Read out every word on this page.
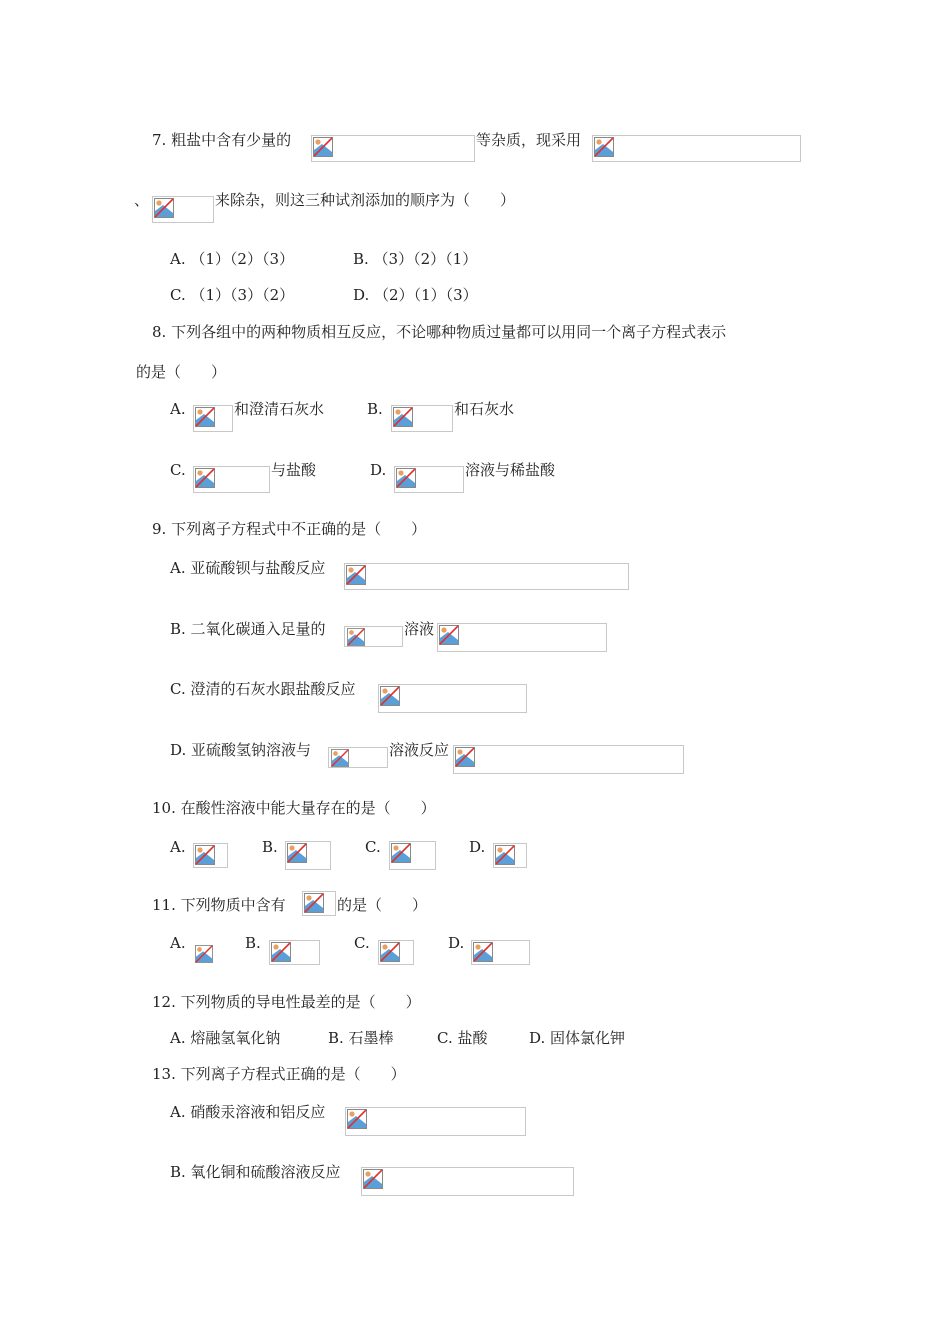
7. 粗盐中含有少量的	等杂质，现采用
、	来除杂，则这三种试剂添加的顺序为（　　）
A. （1）（2）（3）	B. （3）（2）（1）
C. （1）（3）（2）	D. （2）（1）（3）
8. 下列各组中的两种物质相互反应，不论哪种物质过量都可以用同一个离子方程式表示
的是（　　）
A.	和澄清石灰水	B.	和石灰水
C.	与盐酸	D.	溶液与稀盐酸
9. 下列离子方程式中不正确的是（　　）
A. 亚硫酸钡与盐酸反应
B. 二氧化碳通入足量的	溶液
C. 澄清的石灰水跟盐酸反应
D. 亚硫酸氢钠溶液与	溶液反应
10. 在酸性溶液中能大量存在的是（　　）
A.	B.	C.	D.
11. 下列物质中含有	的是（　　）
A.	B.	C.	D.
12. 下列物质的导电性最差的是（　　）
A. 熔融氢氧化钠	B. 石墨棒	C. 盐酸	D. 固体氯化钾
13. 下列离子方程式正确的是（　　）
A. 硝酸汞溶液和铝反应
B. 氧化铜和硫酸溶液反应
